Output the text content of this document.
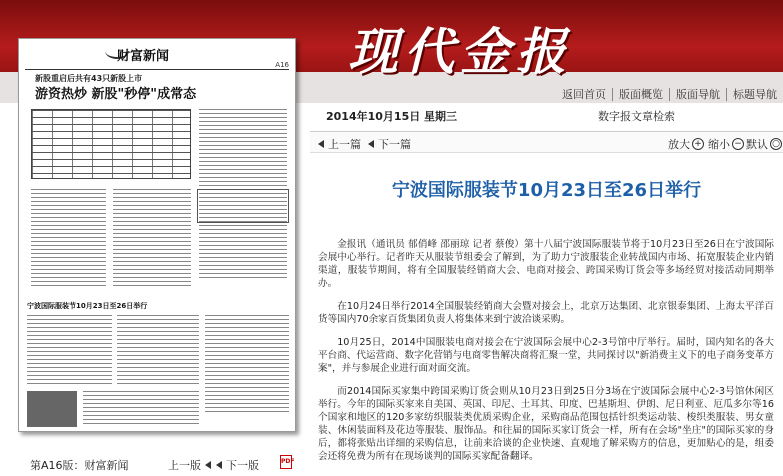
现代金报
返回首页	版面概览	版面导航	标题导航
财富新闻
A16
新股重启后共有43只新股上市
游资热炒 新股"秒停"成常态
宁波国际服装节10月23日至26日举行
2014年10月15日 星期三	数字报文章检索
上一篇 下一篇	放大 + 缩小 − 默认 ○
宁波国际服装节10月23日至26日举行

金报讯（通讯员 郁俏峰 邵丽琼 记者 蔡俊）第十八届宁波国际服装节将于10月23日至26日在宁波国际会展中心举行。记者昨天从服装节组委会了解到，为了助力宁波服装企业转战国内市场、拓宽服装企业内销渠道，服装节期间，将有全国服装经销商大会、电商对接会、跨国采购订货会等多场经贸对接活动同期举办。

在10月24日举行2014全国服装经销商大会暨对接会上，北京万达集团、北京银泰集团、上海太平洋百货等国内70余家百货集团负责人将集体来到宁波洽谈采购。

10月25日，2014中国服装电商对接会在宁波国际会展中心2-3号馆中厅举行。届时，国内知名的各大平台商、代运营商、数字化营销与电商零售解决商将汇聚一堂，共同探讨以"新消费主义下的电子商务变革方案"，并与参展企业进行面对面交流。

而2014国际买家集中跨国采购订货会则从10月23日到25日分3场在宁波国际会展中心2-3号馆休闲区举行。今年的国际买家来自美国、英国、印尼、土耳其、印度、巴基斯坦、伊朗、尼日利亚、厄瓜多尔等16个国家和地区的120多家纺织服装类优质采购企业，采购商品范围包括针织类运动装、梭织类服装、男女童装、休闲装面料及花边等服装、服饰品。和往届的国际买家订货会一样，所有在会场"坐庄"的国际买家的身后，都将张贴出详细的采购信息，让前来洽谈的企业快速、直观地了解采购方的信息，更加贴心的是，组委会还将免费为所有在现场谈判的国际买家配备翻译。

第A16版：财富新闻	上一版 下一版	PDF
